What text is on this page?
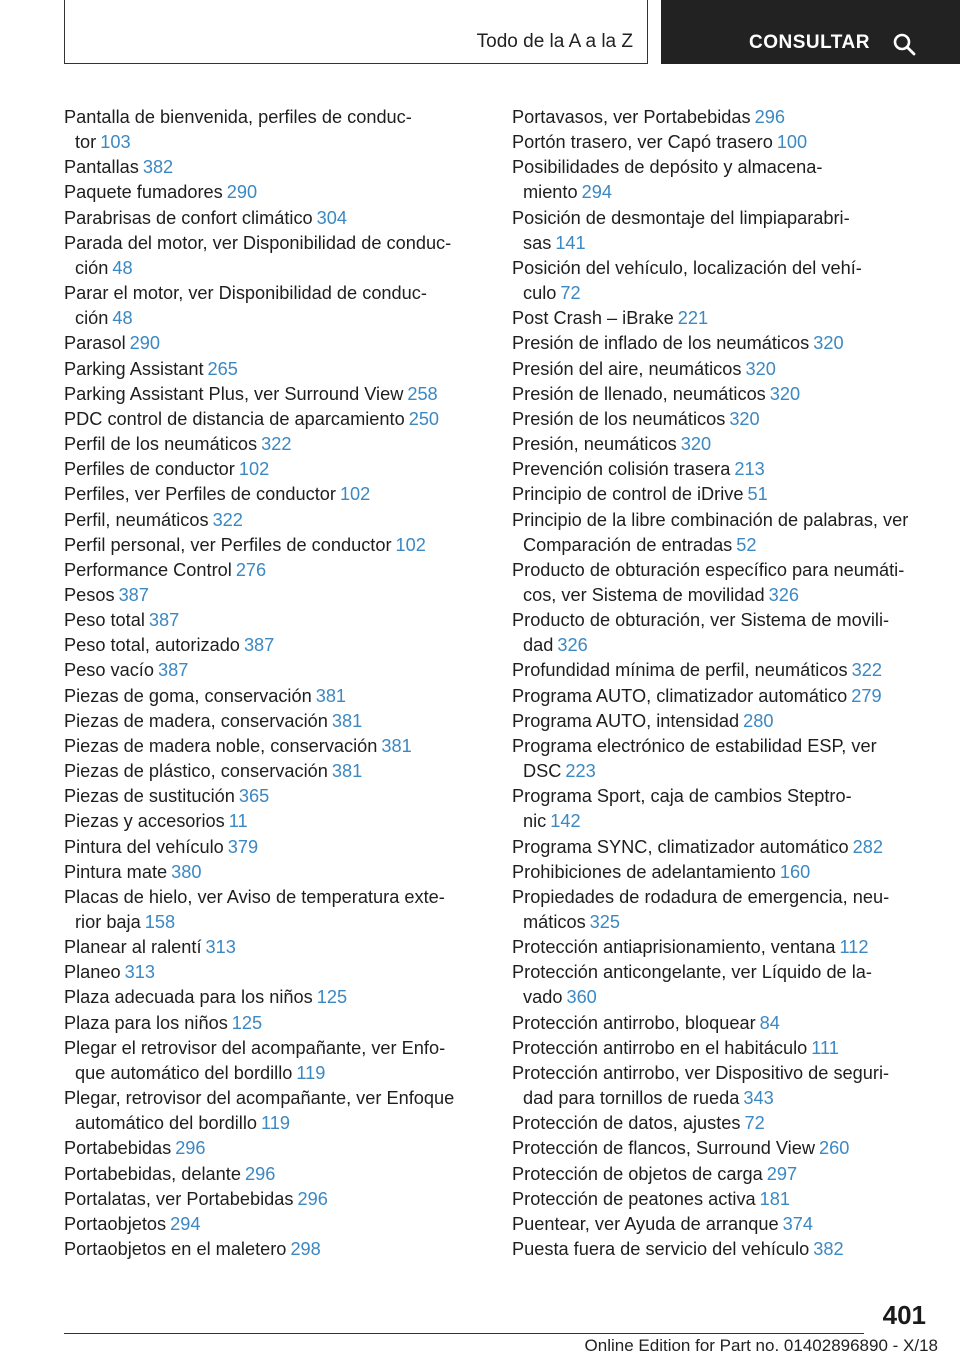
Todo de la A a la Z	CONSULTAR
Pantalla de bienvenida, perfiles de conduc-
tor 103
Pantallas 382
Paquete fumadores 290
Parabrisas de confort climático 304
Parada del motor, ver Disponibilidad de conduc-
ción 48
Parar el motor, ver Disponibilidad de conduc-
ción 48
Parasol 290
Parking Assistant 265
Parking Assistant Plus, ver Surround View 258
PDC control de distancia de aparcamiento 250
Perfil de los neumáticos 322
Perfiles de conductor 102
Perfiles, ver Perfiles de conductor 102
Perfil, neumáticos 322
Perfil personal, ver Perfiles de conductor 102
Performance Control 276
Pesos 387
Peso total 387
Peso total, autorizado 387
Peso vacío 387
Piezas de goma, conservación 381
Piezas de madera, conservación 381
Piezas de madera noble, conservación 381
Piezas de plástico, conservación 381
Piezas de sustitución 365
Piezas y accesorios 11
Pintura del vehículo 379
Pintura mate 380
Placas de hielo, ver Aviso de temperatura exte-
rior baja 158
Planear al ralentí 313
Planeo 313
Plaza adecuada para los niños 125
Plaza para los niños 125
Plegar el retrovisor del acompañante, ver Enfo-
que automático del bordillo 119
Plegar, retrovisor del acompañante, ver Enfoque
automático del bordillo 119
Portabebidas 296
Portabebidas, delante 296
Portalatas, ver Portabebidas 296
Portaobjetos 294
Portaobjetos en el maletero 298
Portavasos, ver Portabebidas 296
Portón trasero, ver Capó trasero 100
Posibilidades de depósito y almacena-
miento 294
Posición de desmontaje del limpiaparabri-
sas 141
Posición del vehículo, localización del vehí-
culo 72
Post Crash – iBrake 221
Presión de inflado de los neumáticos 320
Presión del aire, neumáticos 320
Presión de llenado, neumáticos 320
Presión de los neumáticos 320
Presión, neumáticos 320
Prevención colisión trasera 213
Principio de control de iDrive 51
Principio de la libre combinación de palabras, ver
Comparación de entradas 52
Producto de obturación específico para neumáti-
cos, ver Sistema de movilidad 326
Producto de obturación, ver Sistema de movili-
dad 326
Profundidad mínima de perfil, neumáticos 322
Programa AUTO, climatizador automático 279
Programa AUTO, intensidad 280
Programa electrónico de estabilidad ESP, ver
DSC 223
Programa Sport, caja de cambios Steptro-
nic 142
Programa SYNC, climatizador automático 282
Prohibiciones de adelantamiento 160
Propiedades de rodadura de emergencia, neu-
máticos 325
Protección antiaprisionamiento, ventana 112
Protección anticongelante, ver Líquido de la-
vado 360
Protección antirrobo, bloquear 84
Protección antirrobo en el habitáculo 111
Protección antirrobo, ver Dispositivo de seguri-
dad para tornillos de rueda 343
Protección de datos, ajustes 72
Protección de flancos, Surround View 260
Protección de objetos de carga 297
Protección de peatones activa 181
Puentear, ver Ayuda de arranque 374
Puesta fuera de servicio del vehículo 382
401
Online Edition for Part no. 01402896890 - X/18
